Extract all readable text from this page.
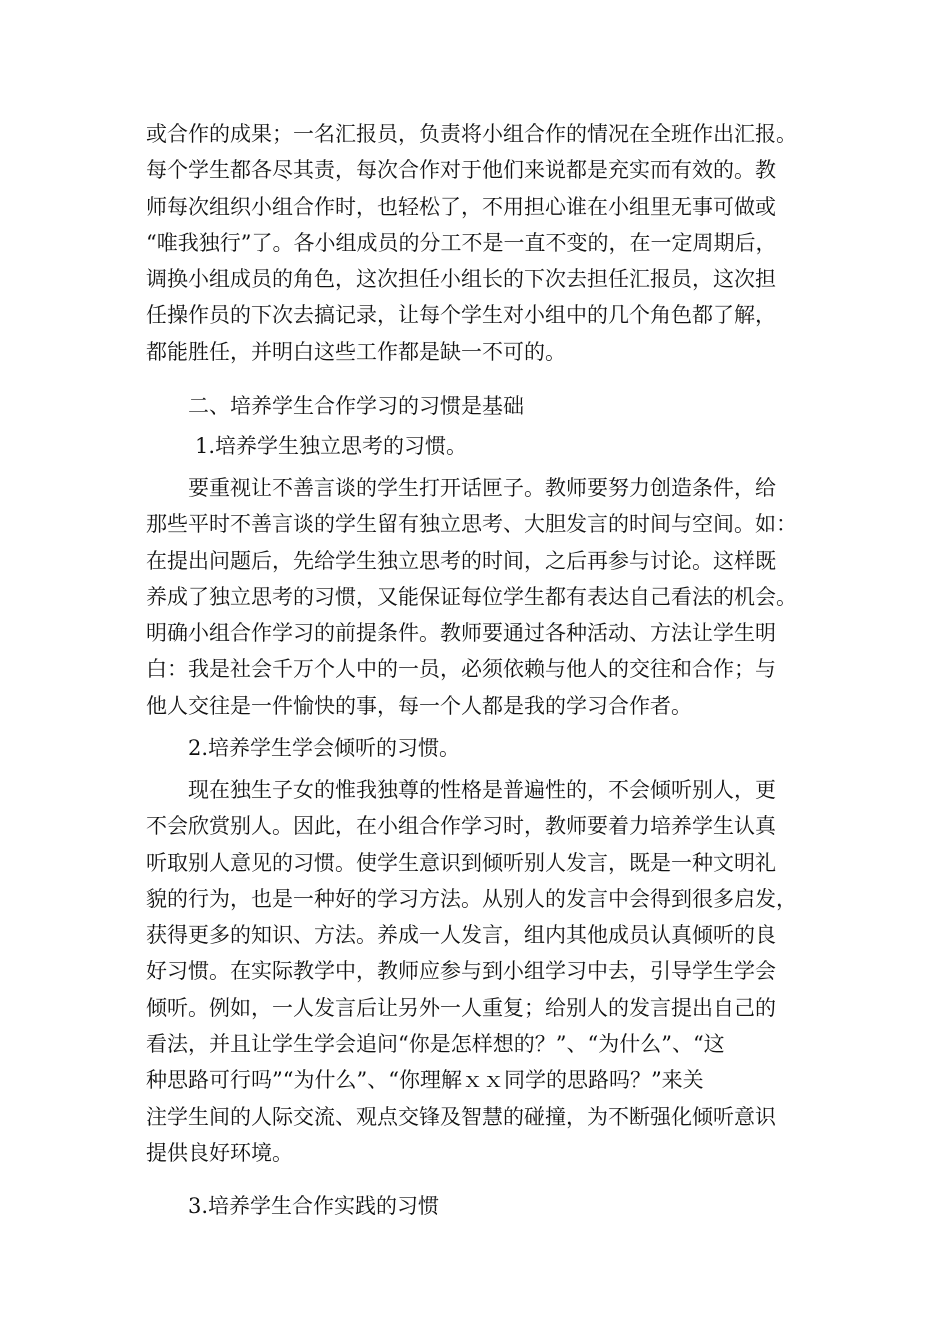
或合作的成果；一名汇报员，负责将小组合作的情况在全班作出汇报。
每个学生都各尽其责，每次合作对于他们来说都是充实而有效的。教
师每次组织小组合作时，也轻松了，不用担心谁在小组里无事可做或
“唯我独行”了。各小组成员的分工不是一直不变的，在一定周期后，
调换小组成员的角色，这次担任小组长的下次去担任汇报员，这次担
任操作员的下次去搞记录，让每个学生对小组中的几个角色都了解，
都能胜任，并明白这些工作都是缺一不可的。

二、培养学生合作学习的习惯是基础

1.培养学生独立思考的习惯。

　　要重视让不善言谈的学生打开话匣子。教师要努力创造条件，给
那些平时不善言谈的学生留有独立思考、大胆发言的时间与空间。如：
在提出问题后，先给学生独立思考的时间，之后再参与讨论。这样既
养成了独立思考的习惯，又能保证每位学生都有表达自己看法的机会。
明确小组合作学习的前提条件。教师要通过各种活动、方法让学生明
白：我是社会千万个人中的一员，必须依赖与他人的交往和合作；与
他人交往是一件愉快的事，每一个人都是我的学习合作者。

2.培养学生学会倾听的习惯。

　　现在独生子女的惟我独尊的性格是普遍性的，不会倾听别人，更
不会欣赏别人。因此，在小组合作学习时，教师要着力培养学生认真
听取别人意见的习惯。使学生意识到倾听别人发言，既是一种文明礼
貌的行为，也是一种好的学习方法。从别人的发言中会得到很多启发，
获得更多的知识、方法。养成一人发言，组内其他成员认真倾听的良
好习惯。在实际教学中，教师应参与到小组学习中去，引导学生学会
倾听。例如，一人发言后让另外一人重复；给别人的发言提出自己的
看法，并且让学生学会追问“你是怎样想的？”、“为什么”、“这
种思路可行吗”“为什么”、“你理解ｘｘ同学的思路吗？”来关
注学生间的人际交流、观点交锋及智慧的碰撞，为不断强化倾听意识
提供良好环境。

3.培养学生合作实践的习惯
